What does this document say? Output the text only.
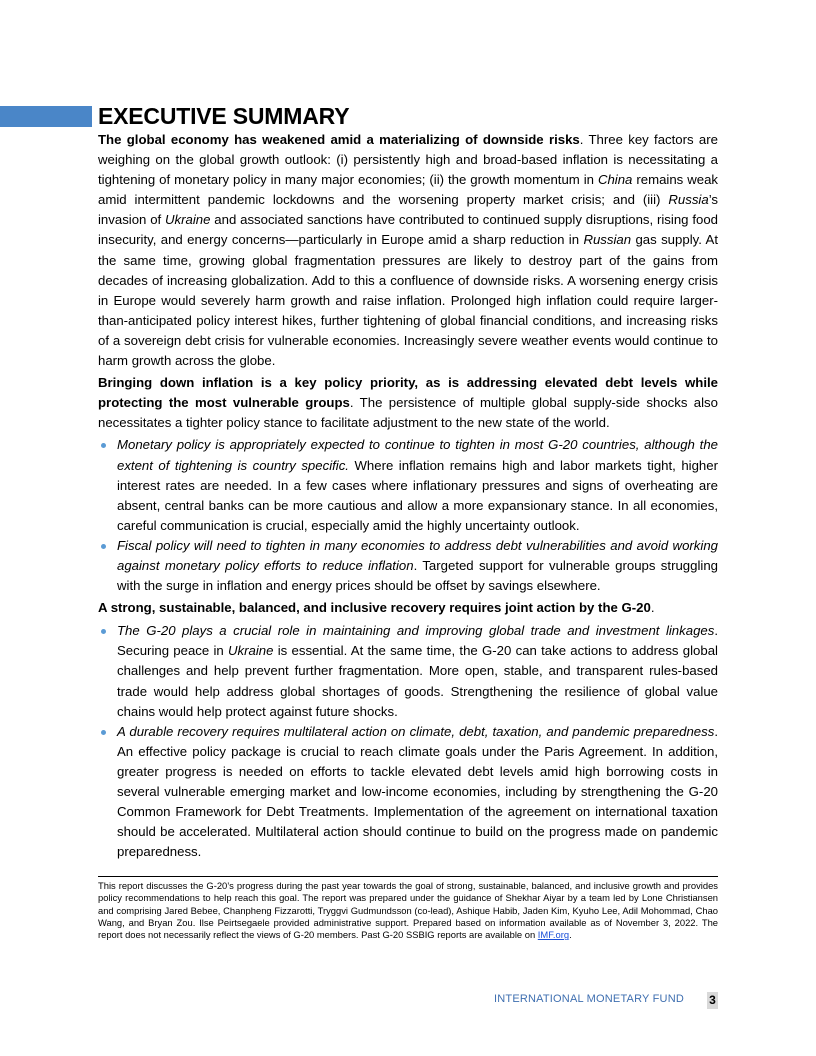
EXECUTIVE SUMMARY

The global economy has weakened amid a materializing of downside risks. Three key factors are weighing on the global growth outlook: (i) persistently high and broad-based inflation is necessitating a tightening of monetary policy in many major economies; (ii) the growth momentum in China remains weak amid intermittent pandemic lockdowns and the worsening property market crisis; and (iii) Russia’s invasion of Ukraine and associated sanctions have contributed to continued supply disruptions, rising food insecurity, and energy concerns—particularly in Europe amid a sharp reduction in Russian gas supply. At the same time, growing global fragmentation pressures are likely to destroy part of the gains from decades of increasing globalization. Add to this a confluence of downside risks. A worsening energy crisis in Europe would severely harm growth and raise inflation. Prolonged high inflation could require larger-than-anticipated policy interest hikes, further tightening of global financial conditions, and increasing risks of a sovereign debt crisis for vulnerable economies. Increasingly severe weather events would continue to harm growth across the globe.

Bringing down inflation is a key policy priority, as is addressing elevated debt levels while protecting the most vulnerable groups. The persistence of multiple global supply-side shocks also necessitates a tighter policy stance to facilitate adjustment to the new state of the world.

Monetary policy is appropriately expected to continue to tighten in most G-20 countries, although the extent of tightening is country specific. Where inflation remains high and labor markets tight, higher interest rates are needed. In a few cases where inflationary pressures and signs of overheating are absent, central banks can be more cautious and allow a more expansionary stance. In all economies, careful communication is crucial, especially amid the highly uncertainty outlook.
Fiscal policy will need to tighten in many economies to address debt vulnerabilities and avoid working against monetary policy efforts to reduce inflation. Targeted support for vulnerable groups struggling with the surge in inflation and energy prices should be offset by savings elsewhere.

A strong, sustainable, balanced, and inclusive recovery requires joint action by the G-20.

The G-20 plays a crucial role in maintaining and improving global trade and investment linkages. Securing peace in Ukraine is essential. At the same time, the G-20 can take actions to address global challenges and help prevent further fragmentation. More open, stable, and transparent rules-based trade would help address global shortages of goods. Strengthening the resilience of global value chains would help protect against future shocks.
A durable recovery requires multilateral action on climate, debt, taxation, and pandemic preparedness. An effective policy package is crucial to reach climate goals under the Paris Agreement. In addition, greater progress is needed on efforts to tackle elevated debt levels amid high borrowing costs in several vulnerable emerging market and low-income economies, including by strengthening the G-20 Common Framework for Debt Treatments. Implementation of the agreement on international taxation should be accelerated. Multilateral action should continue to build on the progress made on pandemic preparedness.
This report discusses the G-20’s progress during the past year towards the goal of strong, sustainable, balanced, and inclusive growth and provides policy recommendations to help reach this goal. The report was prepared under the guidance of Shekhar Aiyar by a team led by Lone Christiansen and comprising Jared Bebee, Chanpheng Fizzarotti, Tryggvi Gudmundsson (co-lead), Ashique Habib, Jaden Kim, Kyuho Lee, Adil Mohommad, Chao Wang, and Bryan Zou. Ilse Peirtsegaele provided administrative support. Prepared based on information available as of November 3, 2022. The report does not necessarily reflect the views of G-20 members. Past G-20 SSBIG reports are available on IMF.org.
INTERNATIONAL MONETARY FUND 3
